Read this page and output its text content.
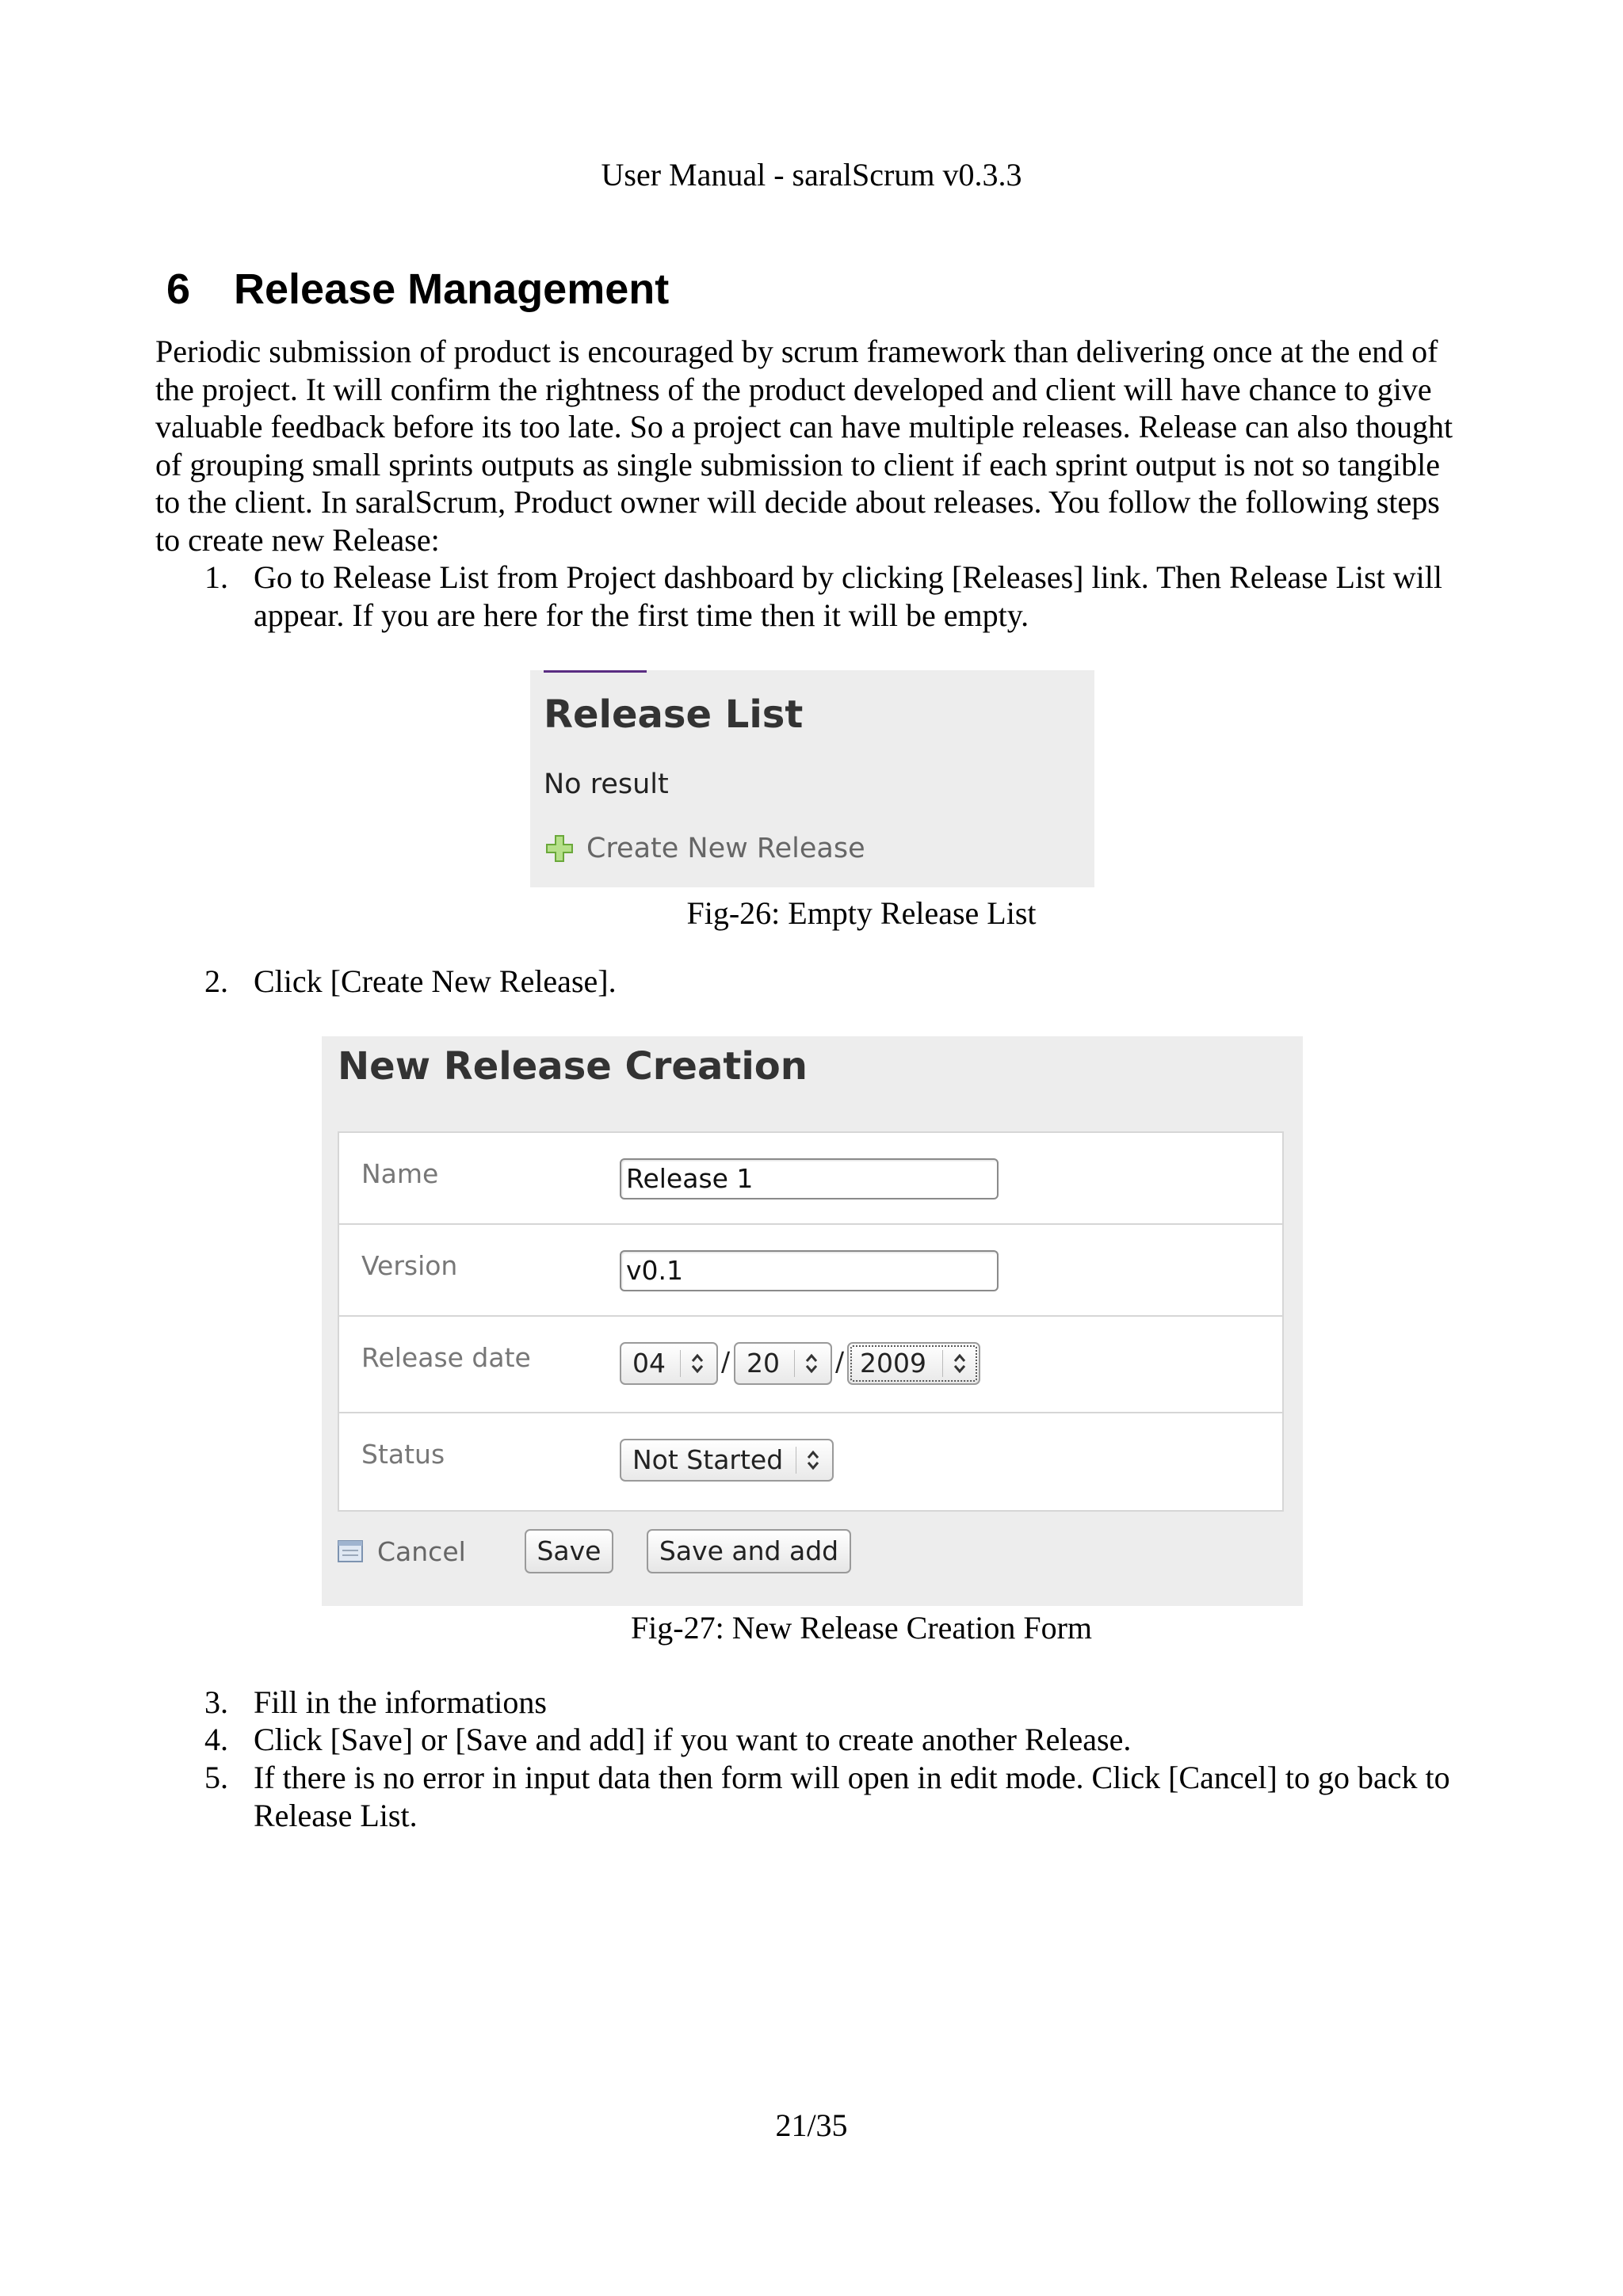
User Manual - saralScrum v0.3.3
6 Release Management

Periodic submission of product is encouraged by scrum framework than delivering once at the end of the project. It will confirm the rightness of the product developed and client will have chance to give valuable feedback before its too late. So a project can have multiple releases. Release can also thought of grouping small sprints outputs as single submission to client if each sprint output is not so tangible to the client. In saralScrum, Product owner will decide about releases. You follow the following steps to create new Release:

1. Go to Release List from Project dashboard by clicking [Releases] link. Then Release List will appear. If you are here for the first time then it will be empty.
Release List
No result
Create New Release
Fig-26: Empty Release List
2. Click [Create New Release].
New Release Creation
Name	Release 1
Version	v0.1
Release date	04 / 20 / 2009
Status	Not Started
Cancel	Save	Save and add
Fig-27: New Release Creation Form
3. Fill in the informations
4. Click [Save] or [Save and add] if you want to create another Release.
5. If there is no error in input data then form will open in edit mode. Click [Cancel] to go back to Release List.
21/35
